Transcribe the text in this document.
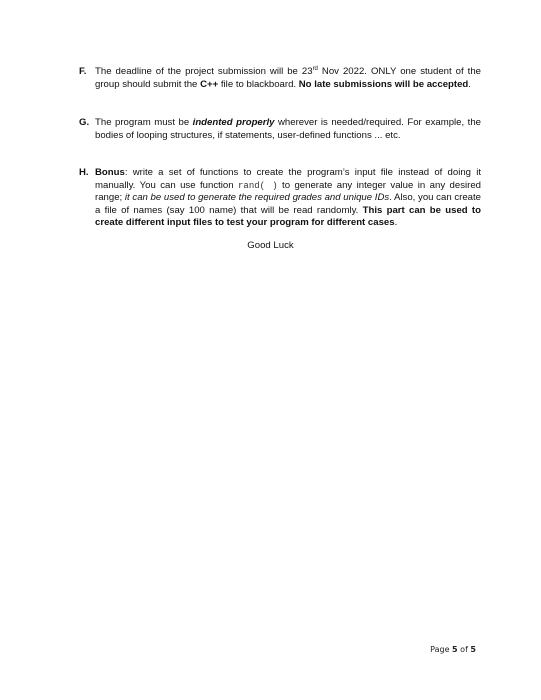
F. The deadline of the project submission will be 23rd Nov 2022. ONLY one student of the group should submit the C++ file to blackboard. No late submissions will be accepted.
G. The program must be indented properly wherever is needed/required. For example, the bodies of looping structures, if statements, user-defined functions ... etc.
H. Bonus: write a set of functions to create the program’s input file instead of doing it manually. You can use function rand( ) to generate any integer value in any desired range; it can be used to generate the required grades and unique IDs. Also, you can create a file of names (say 100 name) that will be read randomly. This part can be used to create different input files to test your program for different cases.
Good Luck
Page 5 of 5
